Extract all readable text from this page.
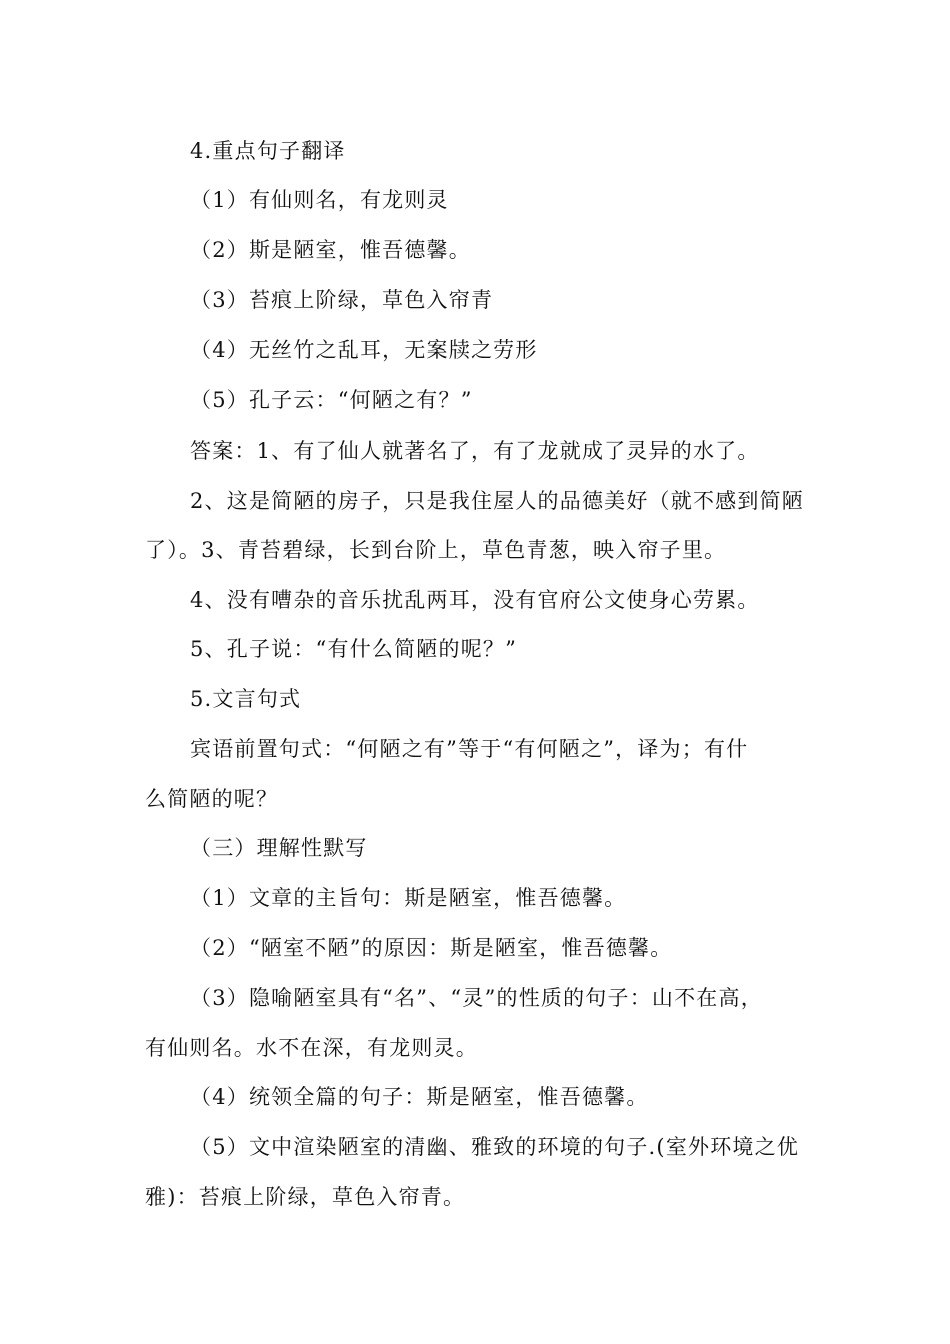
4.重点句子翻译
（1）有仙则名，有龙则灵
（2）斯是陋室，惟吾德馨。
（3）苔痕上阶绿，草色入帘青
（4）无丝竹之乱耳，无案牍之劳形
（5）孔子云：“何陋之有？”
答案：1、有了仙人就著名了，有了龙就成了灵异的水了。
2、这是简陋的房子，只是我住屋人的品德美好（就不感到简陋
了）。3、青苔碧绿，长到台阶上，草色青葱，映入帘子里。
4、没有嘈杂的音乐扰乱两耳，没有官府公文使身心劳累。
5、孔子说：“有什么简陋的呢？”
5.文言句式
宾语前置句式：“何陋之有”等于“有何陋之”，译为；有什
么简陋的呢？
（三）理解性默写
（1）文章的主旨句：斯是陋室，惟吾德馨。
（2）“陋室不陋”的原因：斯是陋室，惟吾德馨。
（3）隐喻陋室具有“名”、“灵”的性质的句子：山不在高，
有仙则名。水不在深，有龙则灵。
（4）统领全篇的句子：斯是陋室，惟吾德馨。
（5）文中渲染陋室的清幽、雅致的环境的句子.(室外环境之优
雅)：苔痕上阶绿，草色入帘青。
